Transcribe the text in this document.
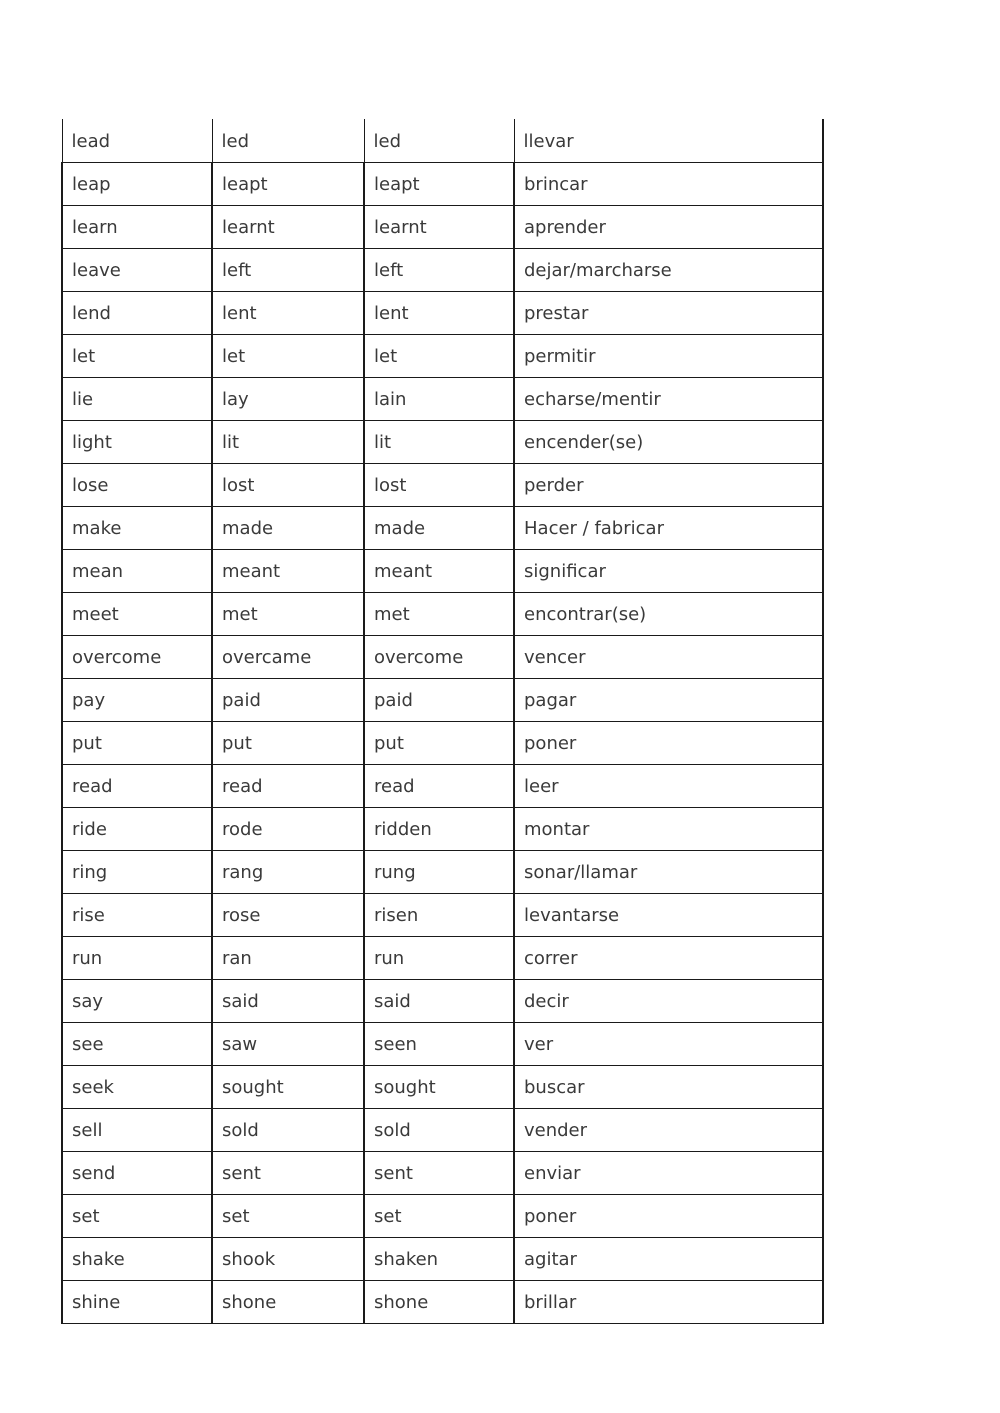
lead	led	led	llevar
leap	leapt	leapt	brincar
learn	learnt	learnt	aprender
leave	left	left	dejar/marcharse
lend	lent	lent	prestar
let	let	let	permitir
lie	lay	lain	echarse/mentir
light	lit	lit	encender(se)
lose	lost	lost	perder
make	made	made	Hacer / fabricar
mean	meant	meant	significar
meet	met	met	encontrar(se)
overcome	overcame	overcome	vencer
pay	paid	paid	pagar
put	put	put	poner
read	read	read	leer
ride	rode	ridden	montar
ring	rang	rung	sonar/llamar
rise	rose	risen	levantarse
run	ran	run	correr
say	said	said	decir
see	saw	seen	ver
seek	sought	sought	buscar
sell	sold	sold	vender
send	sent	sent	enviar
set	set	set	poner
shake	shook	shaken	agitar
shine	shone	shone	brillar
